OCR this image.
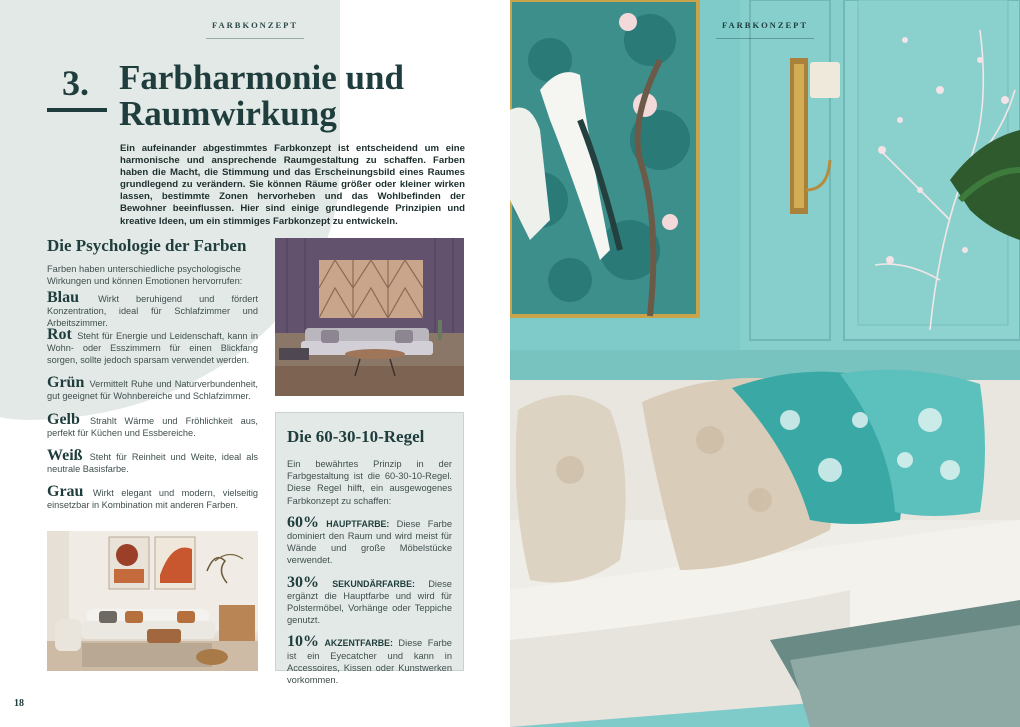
FARBKONZEPT
3. Farbharmonie und Raumwirkung

Ein aufeinander abgestimmtes Farbkonzept ist entscheidend um eine harmonische und ansprechende Raumgestaltung zu schaffen. Farben haben die Macht, die Stimmung und das Erscheinungsbild eines Raumes grundlegend zu verändern. Sie können Räume größer oder kleiner wirken lassen, bestimmte Zonen hervorheben und das Wohlbefinden der Bewohner beeinflussen. Hier sind einige grundlegende Prinzipien und kreative Ideen, um ein stimmiges Farbkonzept zu entwickeln.

Die Psychologie der Farben

Farben haben unterschiedliche psychologische Wirkungen und können Emotionen hervorrufen:

Blau Wirkt beruhigend und fördert Konzentration, ideal für Schlafzimmer und Arbeitszimmer.

Rot Steht für Energie und Leidenschaft, kann in Wohn- oder Esszimmern für einen Blickfang sorgen, sollte jedoch sparsam verwendet werden.

Grün Vermittelt Ruhe und Naturverbundenheit, gut geeignet für Wohnbereiche und Schlafzimmer.

Gelb Strahlt Wärme und Fröhlichkeit aus, perfekt für Küchen und Essbereiche.

Weiß Steht für Reinheit und Weite, ideal als neutrale Basisfarbe.

Grau Wirkt elegant und modern, vielseitig einsetzbar in Kombination mit anderen Farben.

Die 60-30-10-Regel

Ein bewährtes Prinzip in der Farbgestaltung ist die 60-30-10-Regel. Diese Regel hilft, ein ausgewogenes Farbkonzept zu schaffen:

60% HAUPTFARBE: Diese Farbe dominiert den Raum und wird meist für Wände und große Möbelstücke verwendet.

30% SEKUNDÄRFARBE: Diese ergänzt die Hauptfarbe und wird für Polstermöbel, Vorhänge oder Teppiche genutzt.

10% AKZENTFARBE: Diese Farbe ist ein Eyecatcher und kann in Accessoires, Kissen oder Kunstwerken vorkommen.

18
FARBKONZEPT
